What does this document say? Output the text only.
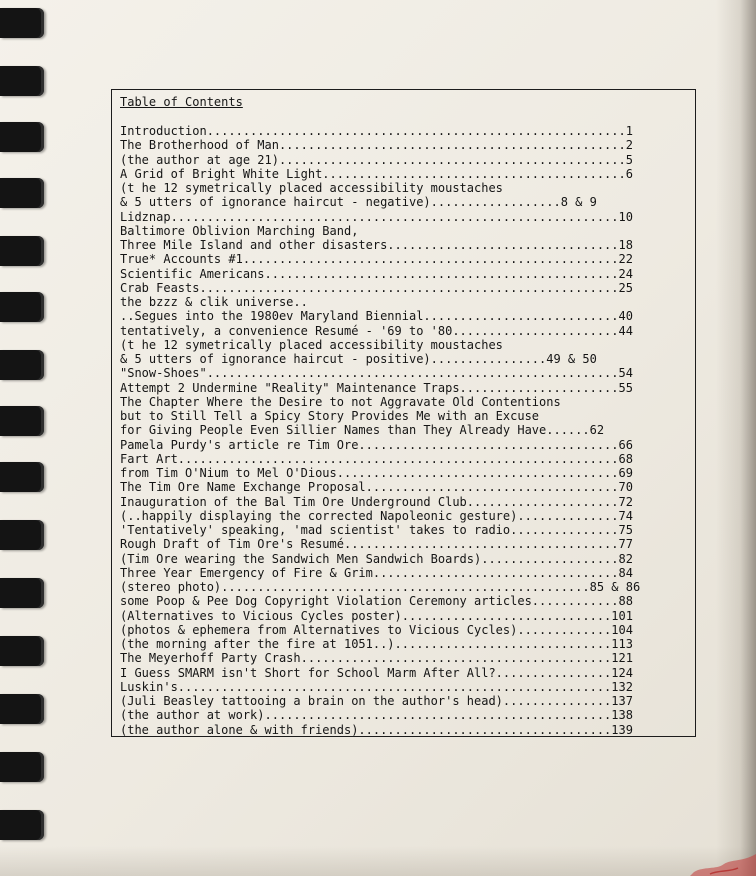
Table of Contents
Introduction..........................................................1
The Brotherhood of Man................................................2
(the author at age 21)................................................5
A Grid of Bright White Light..........................................6
(t he 12 symetrically placed accessibility moustaches
& 5 utters of ignorance haircut - negative)..................8 & 9
Lidznap..............................................................10
Baltimore Oblivion Marching Band,
Three Mile Island and other disasters................................18
True* Accounts #1....................................................22
Scientific Americans.................................................24
Crab Feasts..........................................................25
the bzzz & clik universe..
..Segues into the 1980ev Maryland Biennial...........................40
tentatively, a convenience Resumé - '69 to '80.......................44
(t he 12 symetrically placed accessibility moustaches
& 5 utters of ignorance haircut - positive)................49 & 50
"Snow-Shoes".........................................................54
Attempt 2 Undermine "Reality" Maintenance Traps......................55
The Chapter Where the Desire to not Aggravate Old Contentions
but to Still Tell a Spicy Story Provides Me with an Excuse
for Giving People Even Sillier Names than They Already Have......62
Pamela Purdy's article re Tim Ore....................................66
Fart Art.............................................................68
from Tim O'Nium to Mel O'Dious.......................................69
The Tim Ore Name Exchange Proposal...................................70
Inauguration of the Bal Tim Ore Underground Club.....................72
(..happily displaying the corrected Napoleonic gesture)..............74
'Tentatively' speaking, 'mad scientist' takes to radio...............75
Rough Draft of Tim Ore's Resumé......................................77
(Tim Ore wearing the Sandwich Men Sandwich Boards)...................82
Three Year Emergency of Fire & Grim..................................84
(stereo photo)...................................................85 & 86
some Poop & Pee Dog Copyright Violation Ceremony articles............88
(Alternatives to Vicious Cycles poster).............................101
(photos & ephemera from Alternatives to Vicious Cycles).............104
(the morning after the fire at 1051..)..............................113
The Meyerhoff Party Crash...........................................121
I Guess SMARM isn't Short for School Marm After All?................124
Luskin's............................................................132
(Juli Beasley tattooing a brain on the author's head)...............137
(the author at work)................................................138
(the author alone & with friends)...................................139
